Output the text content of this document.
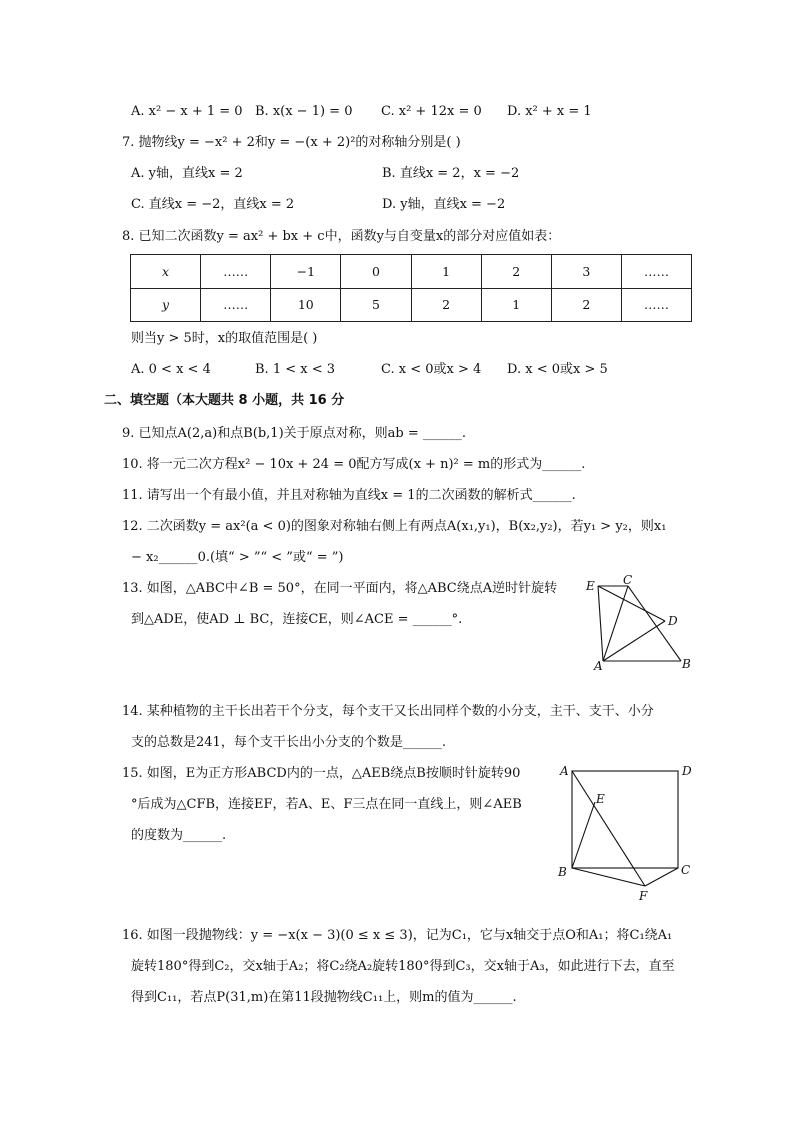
A. x² − x + 1 = 0 B. x(x − 1) = 0	C. x² + 12x = 0	D. x² + x = 1
7. 抛物线y = −x² + 2和y = −(x + 2)²的对称轴分别是( )
A. y轴，直线x = 2	B. 直线x = 2，x = −2
C. 直线x = −2，直线x = 2	D. y轴，直线x = −2
8. 已知二次函数y = ax² + bx + c中，函数y与自变量x的部分对应值如表：
x	……	−1	0	1	2	3	……
y	……	10	5	2	1	2	……
则当y > 5时，x的取值范围是( )
A. 0 < x < 4	B. 1 < x < 3	C. x < 0或x > 4	D. x < 0或x > 5
二、填空题（本大题共 8 小题，共 16 分
9. 已知点A(2,a)和点B(b,1)关于原点对称，则ab = ______.
10. 将一元二次方程x² − 10x + 24 = 0配方写成(x + n)² = m的形式为______.
11. 请写出一个有最小值，并且对称轴为直线x = 1的二次函数的解析式______.
12. 二次函数y = ax²(a < 0)的图象对称轴右侧上有两点A(x₁,y₁)，B(x₂,y₂)，若y₁ > y₂，则x₁
− x₂______0.(填“ > ”“ < ”或“ = ”)
13. 如图，△ABC中∠B = 50°，在同一平面内，将△ABC绕点A逆时针旋转
到△ADE，使AD ⊥ BC，连接CE，则∠ACE = ______°.
E C
D
A	B
14. 某种植物的主干长出若干个分支，每个支干又长出同样个数的小分支，主干、支干、小分
支的总数是241，每个支干长出小分支的个数是______.
15. 如图，E为正方形ABCD内的一点，△AEB绕点B按顺时针旋转90
°后成为△CFB，连接EF，若A、E、F三点在同一直线上，则∠AEB
的度数为______.
A	D
E
B	C
F
16. 如图一段抛物线：y = −x(x − 3)(0 ≤ x ≤ 3)，记为C₁，它与x轴交于点O和A₁；将C₁绕A₁
旋转180°得到C₂，交x轴于A₂；将C₂绕A₂旋转180°得到C₃，交x轴于A₃，如此进行下去，直至
得到C₁₁，若点P(31,m)在第11段抛物线C₁₁上，则m的值为______.
